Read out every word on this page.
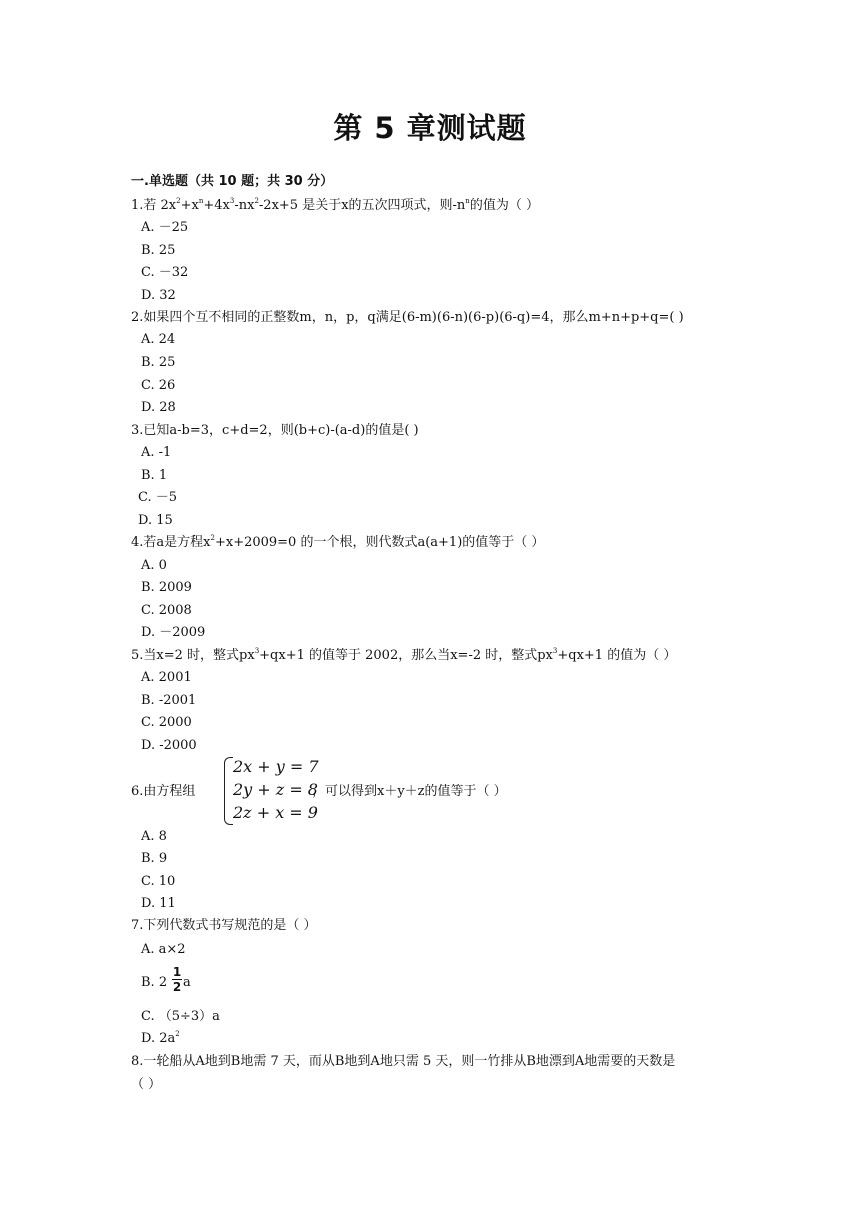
第 5 章测试题
一.单选题（共 10 题；共 30 分）
1.若 $2x^2+x^n+4x^3-nx^2-2x+5$ 是关于x的五次四项式，则$-n^n$的值为（ ）
A. －25
B. 25
C. －32
D. 32
2.如果四个互不相同的正整数m，n，p，q满足(6-m)(6-n)(6-p)(6-q)=4，那么m+n+p+q=( )
A. 24
B. 25
C. 26
D. 28
3.已知a-b=3，c+d=2，则(b+c)-(a-d)的值是( )
A. -1
B. 1
C. －5
D. 15
4.若a是方程$x^2+x+2009=0$ 的一个根，则代数式a(a+1)的值等于（ ）
A. 0
B. 2009
C. 2008
D. －2009
5.当x=2 时，整式$px^3+qx+1$ 的值等于 2002，那么当x=-2 时，整式$px^3+qx+1$ 的值为（ ）
A. 2001
B. -2001
C. 2000
D. -2000
6.由方程组
2x + y = 7
2y + z = 8
2z + x = 9
，可以得到x＋y＋z的值等于（ ）
A. 8
B. 9
C. 10
D. 11
7.下列代数式书写规范的是（ ）
A. a×2
B. 2
1
2 a
C. （5÷3）a
D. $2a^2$
8.一轮船从A地到B地需 7 天，而从B地到A地只需 5 天，则一竹排从B地漂到A地需要的天数是
（ ）
